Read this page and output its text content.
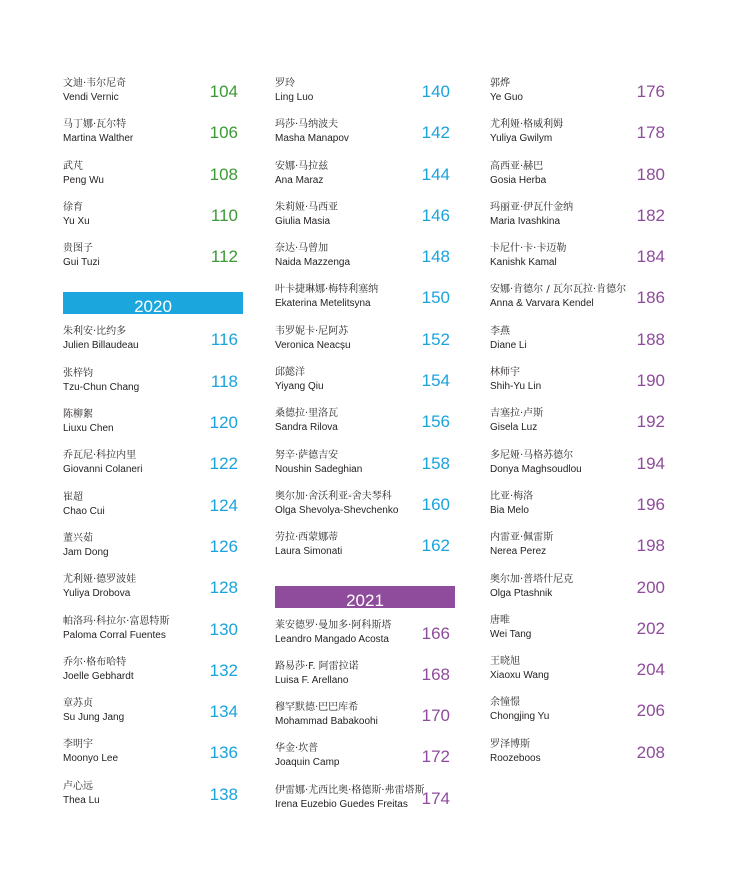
文迪·韦尔尼奇
Vendi Vernic	104
马丁娜·瓦尔特
Martina Walther	106
武芃
Peng Wu	108
徐育
Yu Xu	110
贵图子
Gui Tuzi	112
2020
朱利安·比约多
Julien Billaudeau	116
张梓钧
Tzu-Chun Chang	118
陈柳絮
Liuxu Chen	120
乔瓦尼·科拉内里
Giovanni Colaneri	122
崔超
Chao Cui	124
董兴茹
Jam Dong	126
尤利娅·德罗波娃
Yuliya Drobova	128
帕洛玛·科拉尔·富恩特斯
Paloma Corral Fuentes	130
乔尔·格布哈特
Joelle Gebhardt	132
章苏贞
Su Jung Jang	134
李明宇
Moonyo Lee	136
卢心远
Thea Lu	138
罗玲
Ling Luo	140
玛莎·马纳波夫
Masha Manapov	142
安娜·马拉兹
Ana Maraz	144
朱莉娅·马西亚
Giulia Masia	146
奈达·马曾加
Naida Mazzenga	148
叶卡捷琳娜·梅特利塞纳
Ekaterina Metelitsyna	150
韦罗妮卡·尼阿苏
Veronica Neacșu	152
邱懿洋
Yiyang Qiu	154
桑德拉·里洛瓦
Sandra Rilova	156
努辛·萨德吉安
Noushin Sadeghian	158
奥尔加·舍沃利亚-舍夫琴科
Olga Shevolya-Shevchenko 160
劳拉·西蒙娜蒂
Laura Simonati	162
2021
莱安德罗·曼加多·阿科斯塔
Leandro Mangado Acosta 166
路易莎·F. 阿雷拉诺
Luisa F. Arellano	168
穆罕默德·巴巴库希
Mohammad Babakoohi	170
华金·坎普
Joaquin Camp	172
伊雷娜·尤西比奥·格德斯·弗雷塔斯
Irena Euzebio Guedes Freitas 174
郭烨
Ye Guo	176
尤利娅·格威利姆
Yuliya Gwilym	178
高西亚·赫巴
Gosia Herba	180
玛丽亚·伊瓦什金纳
Maria Ivashkina	182
卡尼什·卡·卡迈勒
Kanishk Kamal	184
安娜·肯德尔 / 瓦尔瓦拉·肯德尔
Anna & Varvara Kendel	186
李燕
Diane Li	188
林师宇
Shih-Yu Lin	190
吉塞拉·卢斯
Gisela Luz	192
多尼娅·马格苏德尔
Donya Maghsoudlou	194
比亚·梅洛
Bia Melo	196
内雷亚·佩雷斯
Nerea Perez	198
奥尔加·普塔什尼克
Olga Ptashnik	200
唐唯
Wei Tang	202
王晓旭
Xiaoxu Wang	204
余憧憬
Chongjing Yu	206
罗泽博斯
Roozeboos	208
